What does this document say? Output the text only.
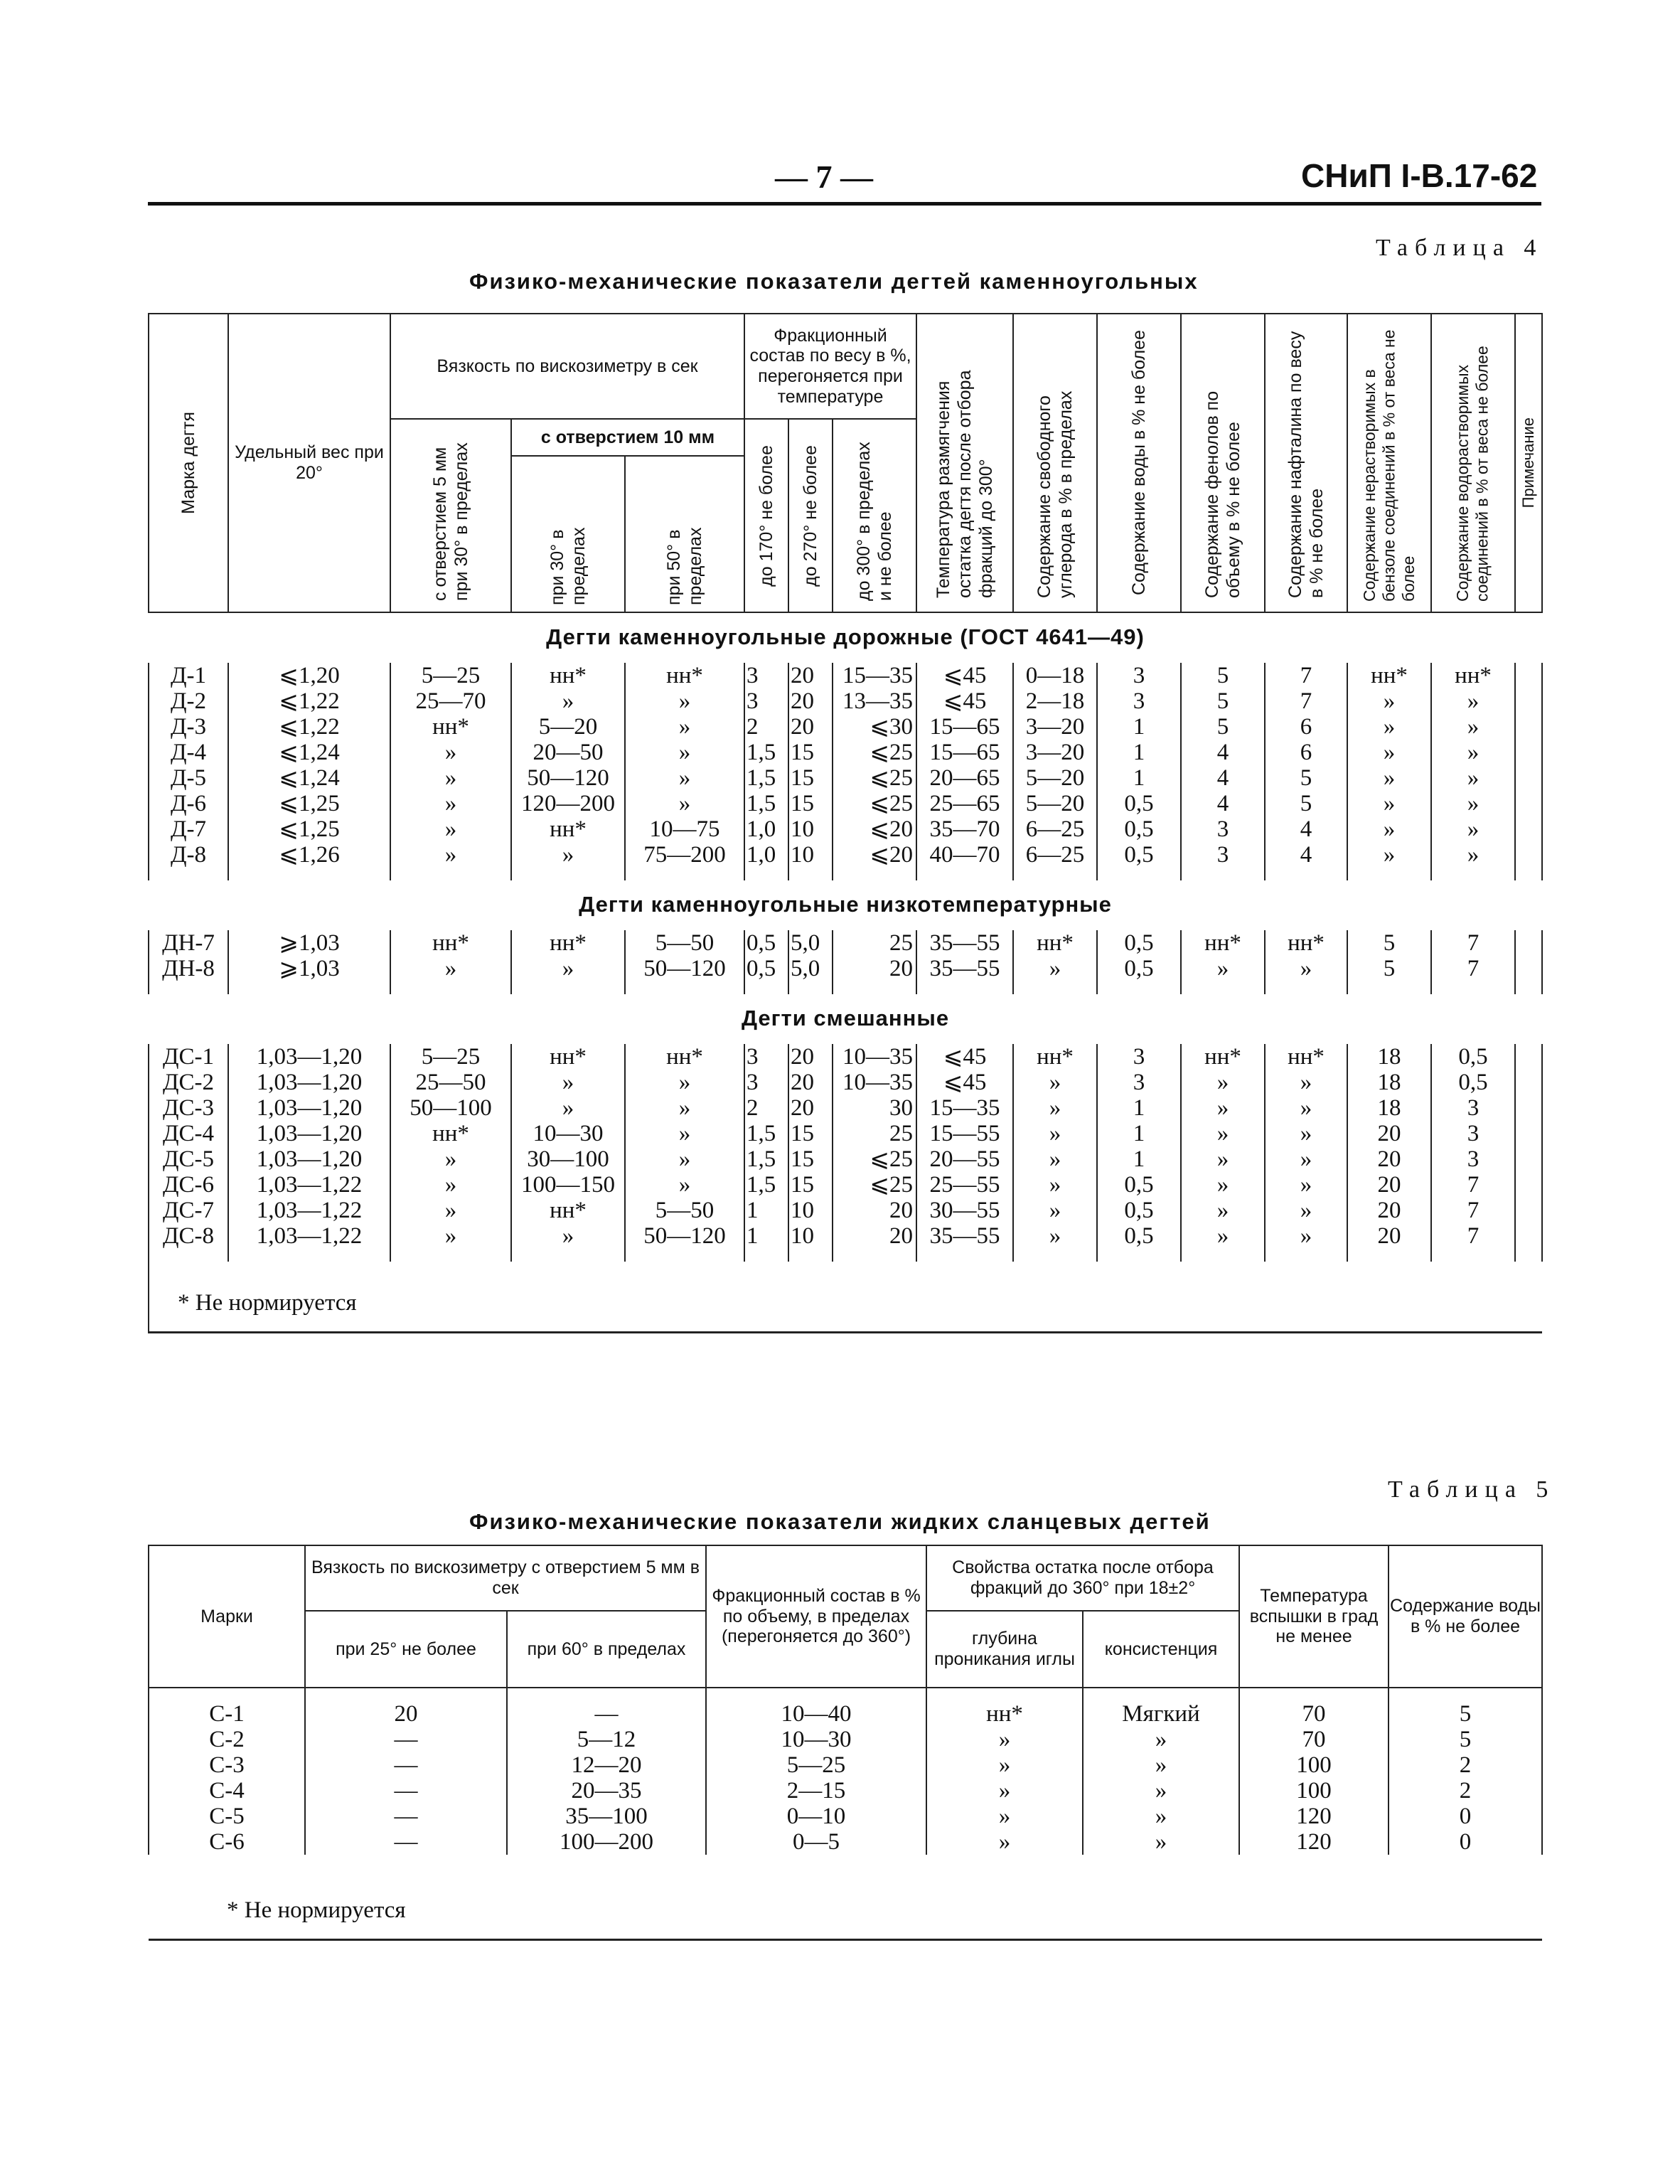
— 7 —	СНиП I-В.17-62
Таблица 4
Физико-механические показатели дегтей каменноугольных
Марка дегтя	Удельный вес при 20°	Вязкость по вискозиметру в сек			Фракционный состав по весу в %, перегоняется при температуре			Температура размягчения остатка дегтя после отбора фракций до 300°	Содержание свободного углерода в % в пределах	Содержание воды в % не более	Содержание фенолов по объему в % не более	Содержание нафталина по весу в % не более	Содержание нерастворимых в бензоле соединений в % от веса не более	Содержание водорастворимых соединений в % от веса не более	Примечание

		с отверстием 5 мм при 30° в пределах	с отверстием 10 мм		до 170° не более	до 270° не более	до 300° в пределах и не более								

			при 30° в пределах	при 50° в пределах											

Дегти каменноугольные дорожные (ГОСТ 4641—49)															
Д-1	⩽1,20	5—25	нн*	нн*	3	20	15—35	⩽45	0—18	3	5	7	нн*	нн*	
Д-2	⩽1,22	25—70	»	»	3	20	13—35	⩽45	2—18	3	5	7	»	»	
Д-3	⩽1,22	нн*	5—20	»	2	20	⩽30	15—65	3—20	1	5	6	»	»	
Д-4	⩽1,24	»	20—50	»	1,5	15	⩽25	15—65	3—20	1	4	6	»	»	
Д-5	⩽1,24	»	50—120	»	1,5	15	⩽25	20—65	5—20	1	4	5	»	»	
Д-6	⩽1,25	»	120—200	»	1,5	15	⩽25	25—65	5—20	0,5	4	5	»	»	
Д-7	⩽1,25	»	нн*	10—75	1,0	10	⩽20	35—70	6—25	0,5	3	4	»	»	
Д-8	⩽1,26	»	»	75—200	1,0	10	⩽20	40—70	6—25	0,5	3	4	»	»	

Дегти каменноугольные низкотемпературные															
ДН-7	⩾1,03	нн*	нн*	5—50	0,5	5,0	25	35—55	нн*	0,5	нн*	нн*	5	7	
ДН-8	⩾1,03	»	»	50—120	0,5	5,0	20	35—55	»	0,5	»	»	5	7	

Дегти смешанные															
ДС-1	1,03—1,20	5—25	нн*	нн*	3	20	10—35	⩽45	нн*	3	нн*	нн*	18	0,5	
ДС-2	1,03—1,20	25—50	»	»	3	20	10—35	⩽45	»	3	»	»	18	0,5	
ДС-3	1,03—1,20	50—100	»	»	2	20	30	15—35	»	1	»	»	18	3	
ДС-4	1,03—1,20	нн*	10—30	»	1,5	15	25	15—55	»	1	»	»	20	3	
ДС-5	1,03—1,20	»	30—100	»	1,5	15	⩽25	20—55	»	1	»	»	20	3	
ДС-6	1,03—1,22	»	100—150	»	1,5	15	⩽25	25—55	»	0,5	»	»	20	7	
ДС-7	1,03—1,22	»	нн*	5—50	1	10	20	30—55	»	0,5	»	»	20	7	
ДС-8	1,03—1,22	»	»	50—120	1	10	20	35—55	»	0,5	»	»	20	7	

* Не нормируется															
Таблица 5
Физико-механические показатели жидких сланцевых дегтей
Марки	Вязкость по вискозиметру с отверстием 5 мм в сек		Фракционный состав в % по объему, в пределах (перегоняется до 360°)	Свойства остатка после отбора фракций до 360° при 18±2°		Температура вспышки в град не менее	Содержание воды в % не более
	при 25° не более	при 60° в пределах		глубина проникания иглы	консистенция		

С-1	20	—	10—40	нн*	Мягкий	70	5
С-2	—	5—12	10—30	»	»	70	5
С-3	—	12—20	5—25	»	»	100	2
С-4	—	20—35	2—15	»	»	100	2
С-5	—	35—100	0—10	»	»	120	0
С-6	—	100—200	0—5	»	»	120	0
* Не нормируется							
